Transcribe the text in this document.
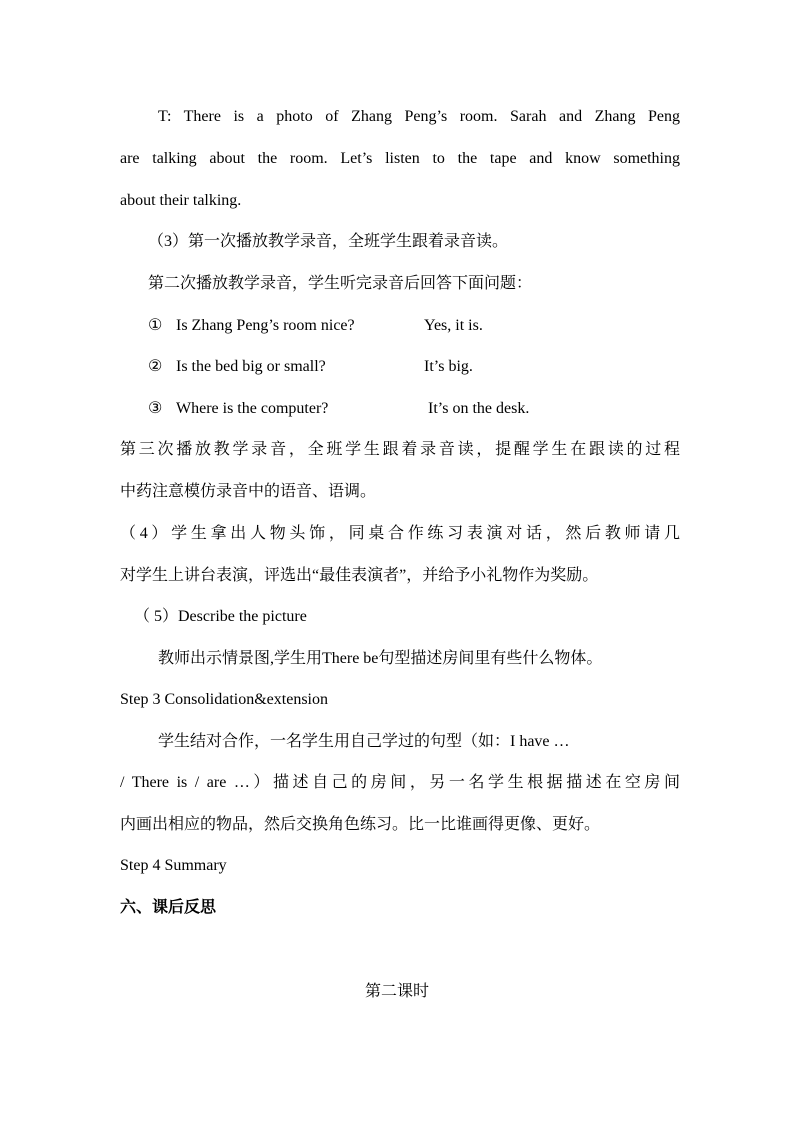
T: There is a photo of Zhang Peng’s room. Sarah and Zhang Peng
are talking about the room. Let’s listen to the tape and know something
about their talking.
（3）第一次播放教学录音，全班学生跟着录音读。
第二次播放教学录音，学生听完录音后回答下面问题：
① Is Zhang Peng’s room nice?	Yes, it is.
② Is the bed big or small?	It’s big.
③ Where is the computer?	It’s on the desk.
第三次播放教学录音，全班学生跟着录音读，提醒学生在跟读的过程
中药注意模仿录音中的语音、语调。
（4）学生拿出人物头饰，同桌合作练习表演对话，然后教师请几
对学生上讲台表演，评选出“最佳表演者”，并给予小礼物作为奖励。
（ 5）Describe the picture
教师出示情景图,学生用There be句型描述房间里有些什么物体。
Step 3 Consolidation&extension
学生结对合作，一名学生用自己学过的句型（如：I have …
/ There is / are …）描述自己的房间，另一名学生根据描述在空房间
内画出相应的物品，然后交换角色练习。比一比谁画得更像、更好。
Step 4 Summary
六、课后反思
第二课时
